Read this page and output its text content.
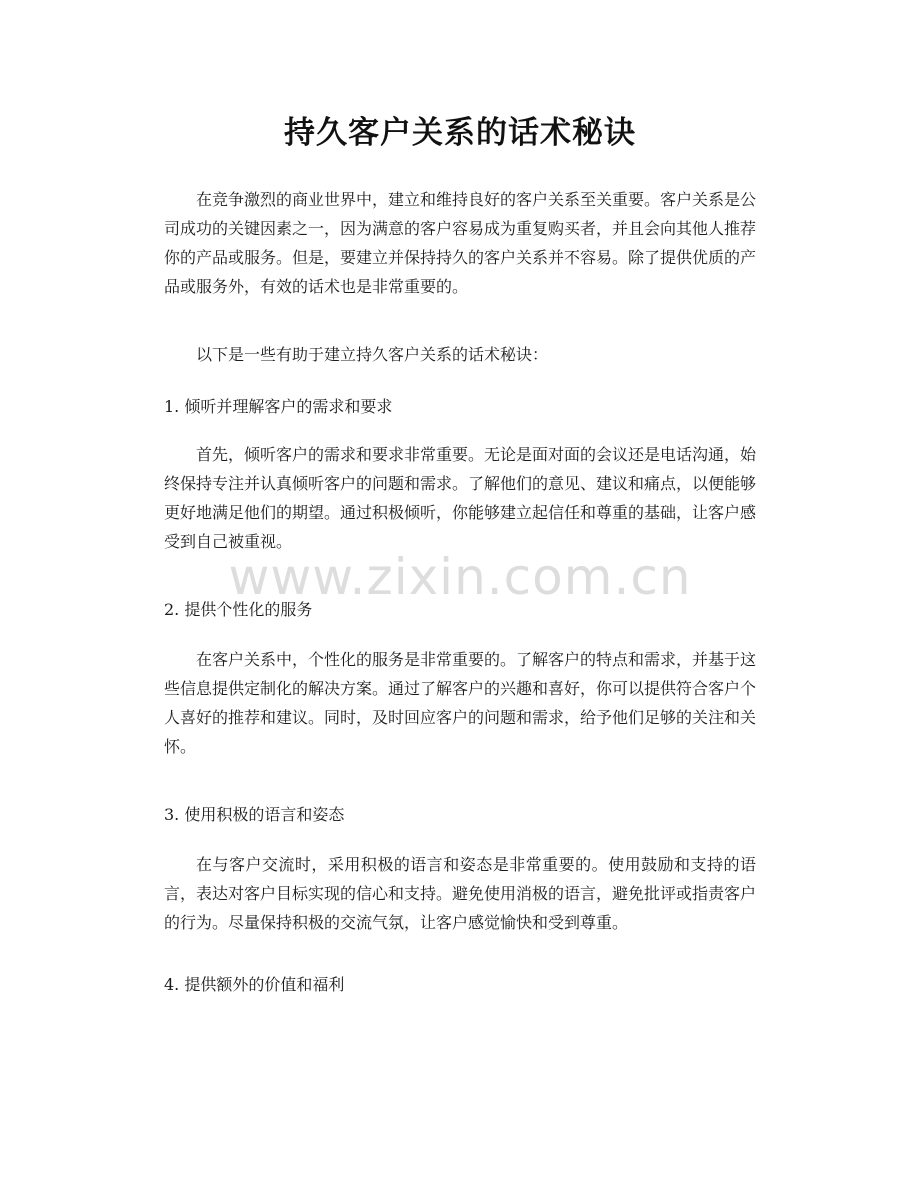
持久客户关系的话术秘诀

在竞争激烈的商业世界中，建立和维持良好的客户关系至关重要。客户关系是公司成功的关键因素之一，因为满意的客户容易成为重复购买者，并且会向其他人推荐你的产品或服务。但是，要建立并保持持久的客户关系并不容易。除了提供优质的产品或服务外，有效的话术也是非常重要的。

以下是一些有助于建立持久客户关系的话术秘诀：

1. 倾听并理解客户的需求和要求

首先，倾听客户的需求和要求非常重要。无论是面对面的会议还是电话沟通，始终保持专注并认真倾听客户的问题和需求。了解他们的意见、建议和痛点，以便能够更好地满足他们的期望。通过积极倾听，你能够建立起信任和尊重的基础，让客户感受到自己被重视。

2. 提供个性化的服务

在客户关系中，个性化的服务是非常重要的。了解客户的特点和需求，并基于这些信息提供定制化的解决方案。通过了解客户的兴趣和喜好，你可以提供符合客户个人喜好的推荐和建议。同时，及时回应客户的问题和需求，给予他们足够的关注和关怀。

3. 使用积极的语言和姿态

在与客户交流时，采用积极的语言和姿态是非常重要的。使用鼓励和支持的语言，表达对客户目标实现的信心和支持。避免使用消极的语言，避免批评或指责客户的行为。尽量保持积极的交流气氛，让客户感觉愉快和受到尊重。

4. 提供额外的价值和福利

www.zixin.com.cn
